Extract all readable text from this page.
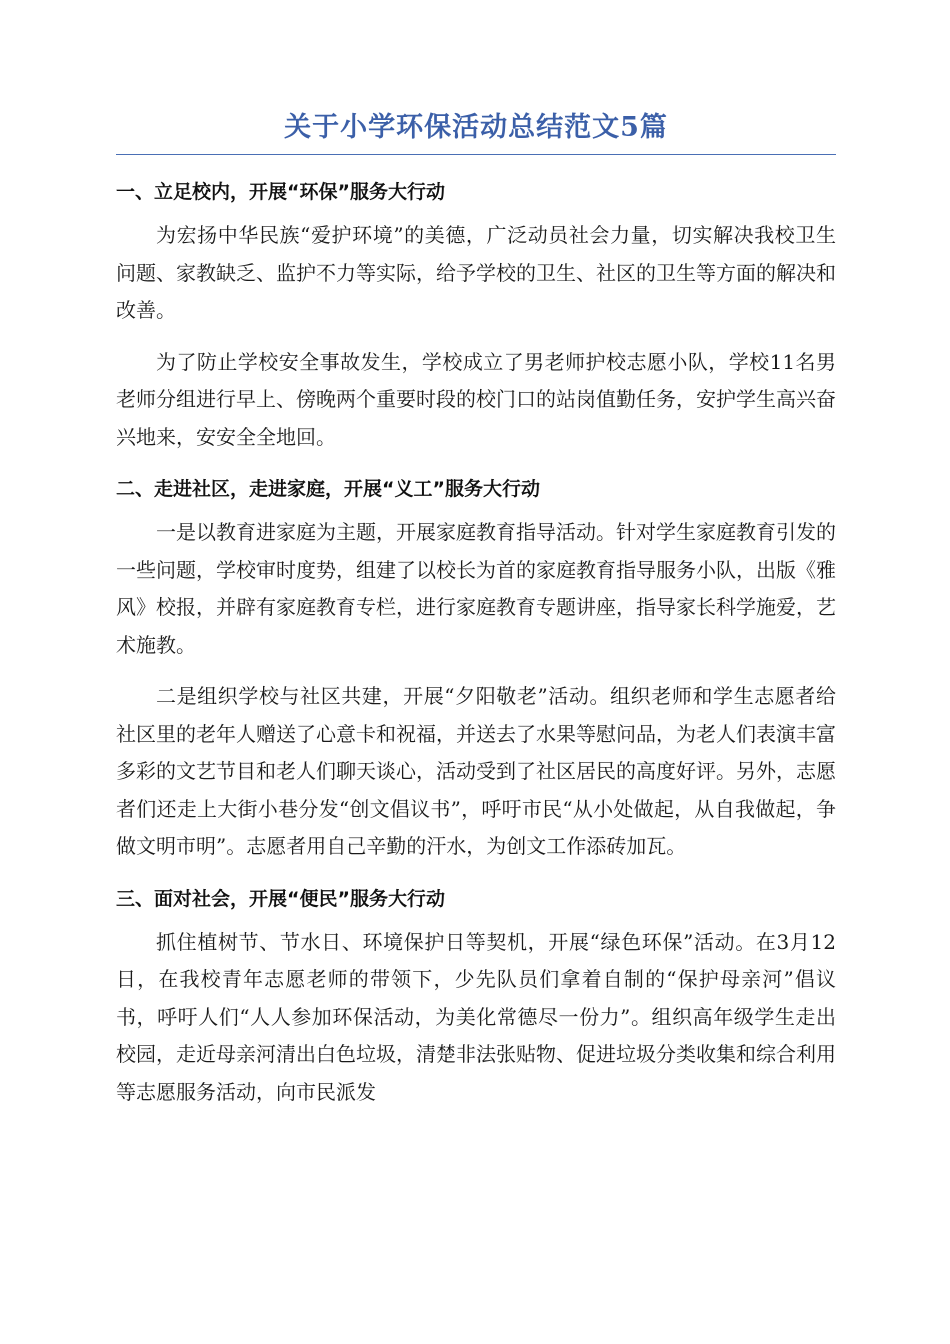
关于小学环保活动总结范文5篇
一、立足校内，开展“环保”服务大行动

为宏扬中华民族“爱护环境”的美德，广泛动员社会力量，切实解决我校卫生问题、家教缺乏、监护不力等实际，给予学校的卫生、社区的卫生等方面的解决和改善。

为了防止学校安全事故发生，学校成立了男老师护校志愿小队，学校11名男老师分组进行早上、傍晚两个重要时段的校门口的站岗值勤任务，安护学生高兴奋兴地来，安安全全地回。

二、走进社区，走进家庭，开展“义工”服务大行动

一是以教育进家庭为主题，开展家庭教育指导活动。针对学生家庭教育引发的一些问题，学校审时度势，组建了以校长为首的家庭教育指导服务小队，出版《雅风》校报，并辟有家庭教育专栏，进行家庭教育专题讲座，指导家长科学施爱，艺术施教。

二是组织学校与社区共建，开展“夕阳敬老”活动。组织老师和学生志愿者给社区里的老年人赠送了心意卡和祝福，并送去了水果等慰问品，为老人们表演丰富多彩的文艺节目和老人们聊天谈心，活动受到了社区居民的高度好评。另外，志愿者们还走上大街小巷分发“创文倡议书”，呼吁市民“从小处做起，从自我做起，争做文明市明”。志愿者用自己辛勤的汗水，为创文工作添砖加瓦。

三、面对社会，开展“便民”服务大行动

抓住植树节、节水日、环境保护日等契机，开展“绿色环保”活动。在3月12日，在我校青年志愿老师的带领下，少先队员们拿着自制的“保护母亲河”倡议书，呼吁人们“人人参加环保活动，为美化常德尽一份力”。组织高年级学生走出校园，走近母亲河清出白色垃圾，清楚非法张贴物、促进垃圾分类收集和综合利用等志愿服务活动，向市民派发
